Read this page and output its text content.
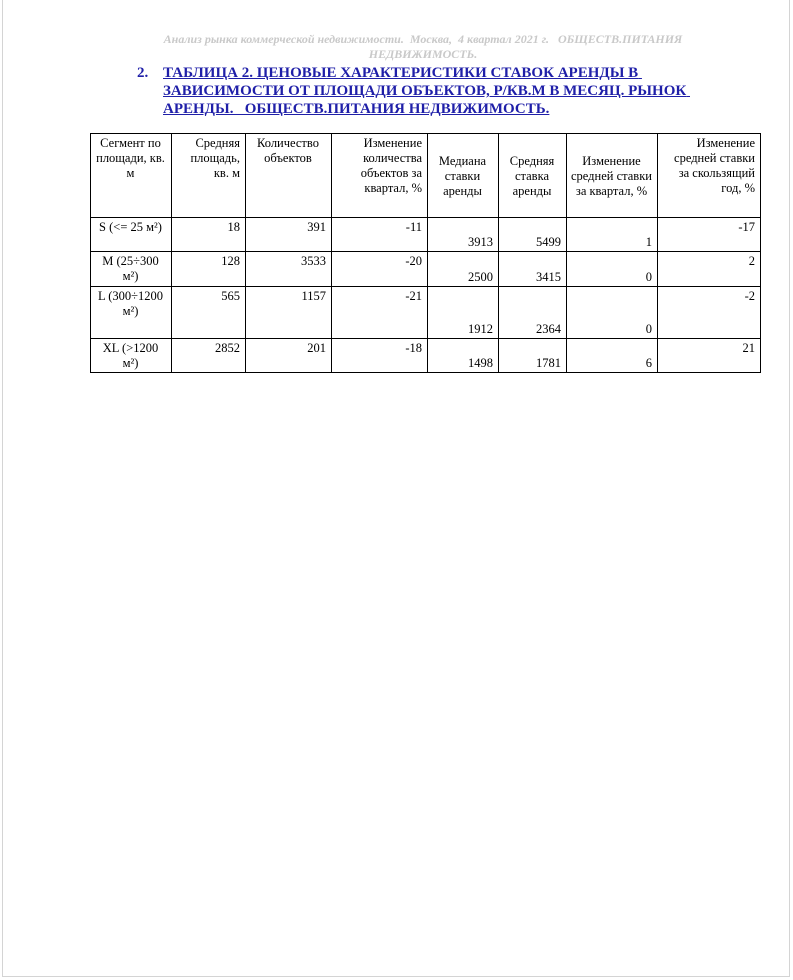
Анализ рынка коммерческой недвижимости.  Москва,  4 квартал 2021 г.   ОБЩЕСТВ.ПИТАНИЯ
НЕДВИЖИМОСТЬ.
2. ТАБЛИЦА 2. ЦЕНОВЫЕ ХАРАКТЕРИСТИКИ СТАВОК АРЕНДЫ В ЗАВИСИМОСТИ ОТ ПЛОЩАДИ ОБЪЕКТОВ, Р/КВ.М В МЕСЯЦ. РЫНОК АРЕНДЫ.   ОБЩЕСТВ.ПИТАНИЯ НЕДВИЖИМОСТЬ.
Сегмент по площади, кв. м	Средняя площадь, кв. м	Количество объектов	Изменение количества объектов за квартал, %	Медиана ставки аренды	Средняя ставка аренды	Изменение средней ставки за квартал, %	Изменение средней ставки за скользящий год, %
S (<= 25 м²)	18	391	-11	3913	5499	1	-17
M (25÷300 м²)	128	3533	-20	2500	3415	0	2
L (300÷1200 м²)	565	1157	-21	1912	2364	0	-2
XL (>1200 м²)	2852	201	-18	1498	1781	6	21
